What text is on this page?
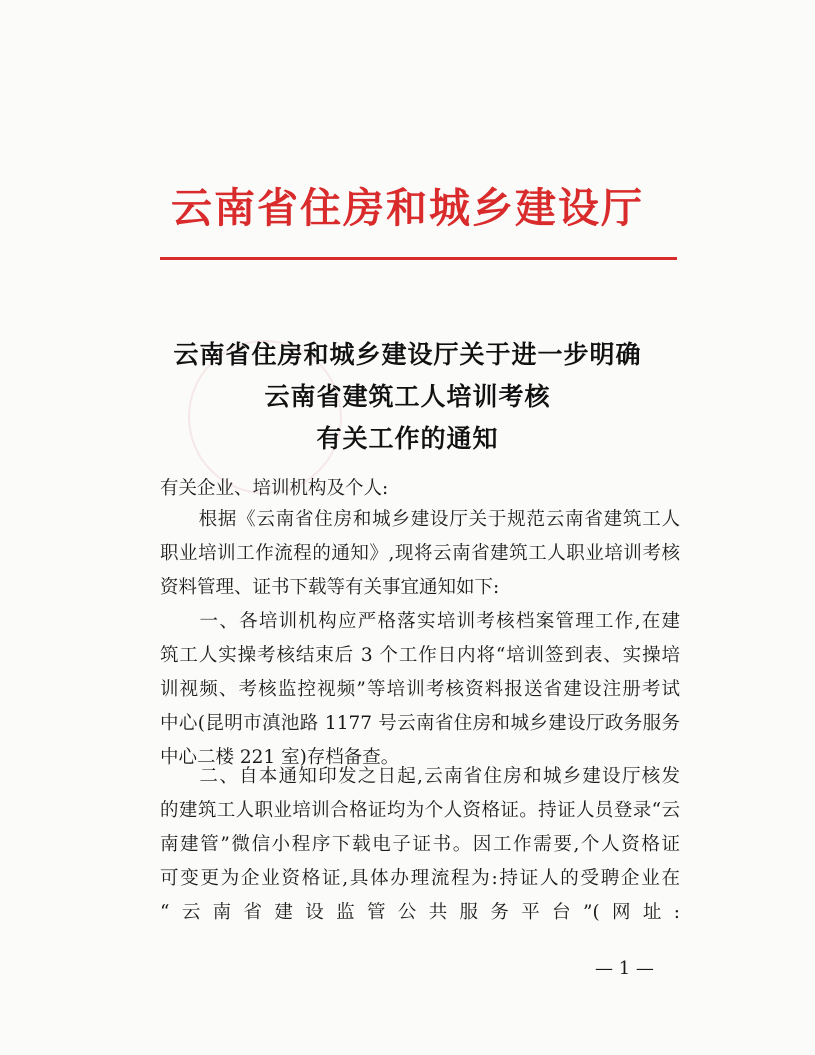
云南省住房和城乡建设厅
云南省住房和城乡建设厅关于进一步明确
云南省建筑工人培训考核
有关工作的通知
有关企业、培训机构及个人:
　　根据《云南省住房和城乡建设厅关于规范云南省建筑工人
职业培训工作流程的通知》,现将云南省建筑工人职业培训考核
资料管理、证书下载等有关事宜通知如下:
　　一、各培训机构应严格落实培训考核档案管理工作,在建
筑工人实操考核结束后 3 个工作日内将“培训签到表、实操培
训视频、考核监控视频”等培训考核资料报送省建设注册考试
中心(昆明市滇池路 1177 号云南省住房和城乡建设厅政务服务
中心二楼 221 室)存档备查。
　　二、自本通知印发之日起,云南省住房和城乡建设厅核发
的建筑工人职业培训合格证均为个人资格证。持证人员登录“云
南建管”微信小程序下载电子证书。因工作需要,个人资格证
可变更为企业资格证,具体办理流程为:持证人的受聘企业在
“云南省建设监管公共服务平台”(网址:
— 1 —
